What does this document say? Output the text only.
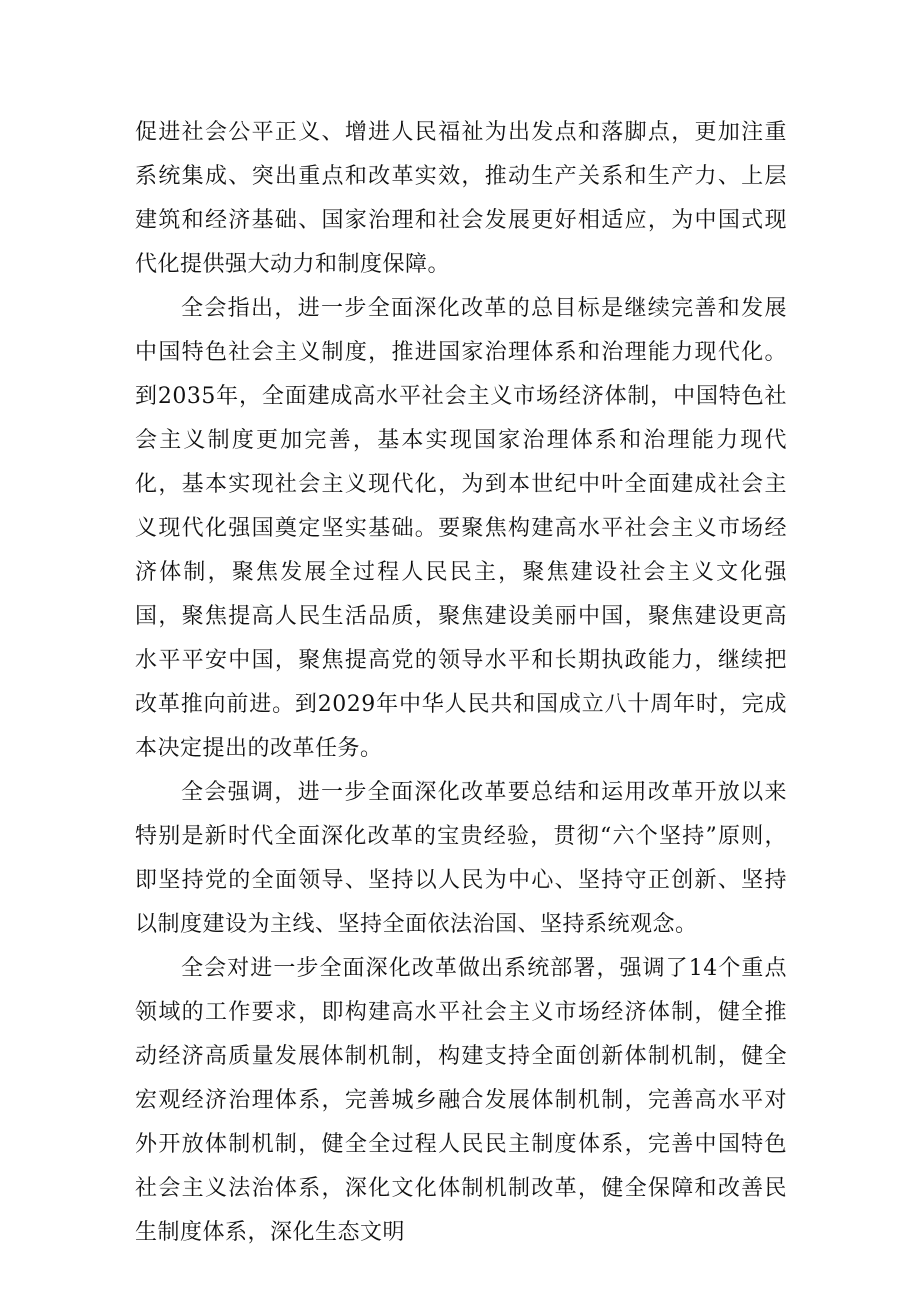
促进社会公平正义、增进人民福祉为出发点和落脚点，更加注重系统集成、突出重点和改革实效，推动生产关系和生产力、上层建筑和经济基础、国家治理和社会发展更好相适应，为中国式现代化提供强大动力和制度保障。

全会指出，进一步全面深化改革的总目标是继续完善和发展中国特色社会主义制度，推进国家治理体系和治理能力现代化。到2035年，全面建成高水平社会主义市场经济体制，中国特色社会主义制度更加完善，基本实现国家治理体系和治理能力现代化，基本实现社会主义现代化，为到本世纪中叶全面建成社会主义现代化强国奠定坚实基础。要聚焦构建高水平社会主义市场经济体制，聚焦发展全过程人民民主，聚焦建设社会主义文化强国，聚焦提高人民生活品质，聚焦建设美丽中国，聚焦建设更高水平平安中国，聚焦提高党的领导水平和长期执政能力，继续把改革推向前进。到2029年中华人民共和国成立八十周年时，完成本决定提出的改革任务。

全会强调，进一步全面深化改革要总结和运用改革开放以来特别是新时代全面深化改革的宝贵经验，贯彻“六个坚持”原则，即坚持党的全面领导、坚持以人民为中心、坚持守正创新、坚持以制度建设为主线、坚持全面依法治国、坚持系统观念。

全会对进一步全面深化改革做出系统部署，强调了14个重点领域的工作要求，即构建高水平社会主义市场经济体制，健全推动经济高质量发展体制机制，构建支持全面创新体制机制，健全宏观经济治理体系，完善城乡融合发展体制机制，完善高水平对外开放体制机制，健全全过程人民民主制度体系，完善中国特色社会主义法治体系，深化文化体制机制改革，健全保障和改善民生制度体系，深化生态文明
